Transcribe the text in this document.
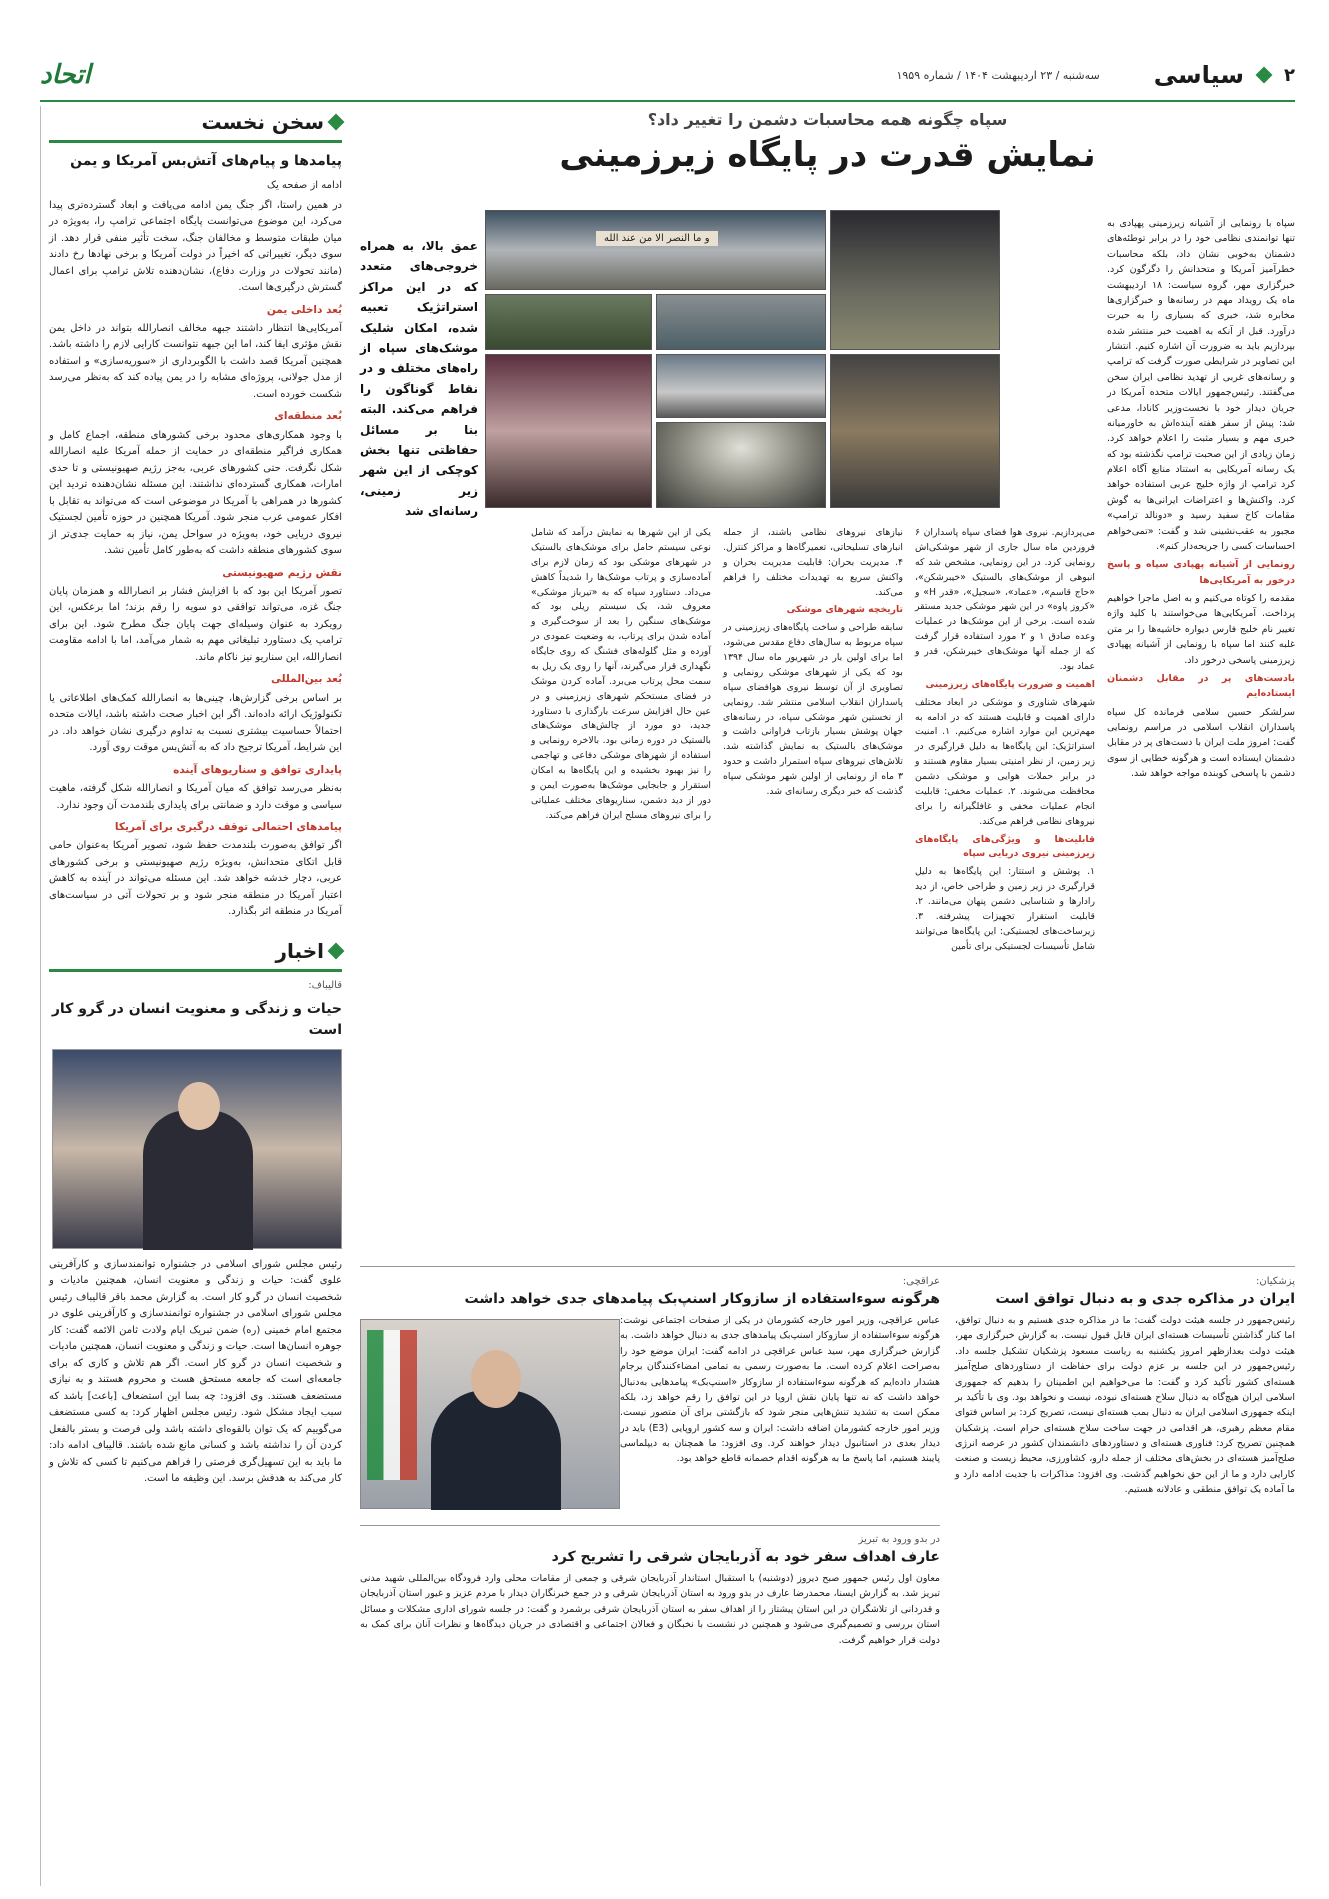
۲
سیاسی
سه‌شنبه / ۲۳ اردیبهشت ۱۴۰۴ / شماره ۱۹۵۹
اتحاد
سخن نخست
پیامدها و پیام‌های آتش‌بس آمریکا و یمن
ادامه از صفحه یک
در همین راستا، اگر جنگ یمن ادامه می‌یافت و ابعاد گسترده‌تری پیدا می‌کرد، این موضوع می‌توانست پایگاه اجتماعی ترامپ را، به‌ویژه در میان طبقات متوسط و مخالفان جنگ، سخت تأثیر منفی قرار دهد. از سوی دیگر، تغییراتی که اخیراً در دولت آمریکا و برخی نهادها رخ دادند (مانند تحولات در وزارت دفاع)، نشان‌دهنده تلاش ترامپ برای اعمال گسترش درگیری‌ها است.
بُعد داخلی یمن
آمریکایی‌ها انتظار داشتند جبهه مخالف انصارالله بتواند در داخل یمن نقش مؤثری ایفا کند، اما این جبهه نتوانست کارایی لازم را داشته باشد. همچنین آمریکا قصد داشت با الگوبرداری از «سوریه‌سازی» و استفاده از مدل جولانی، پروژه‌ای مشابه را در یمن پیاده کند که به‌نظر می‌رسد شکست خورده است.
بُعد منطقه‌ای
با وجود همکاری‌های محدود برخی کشورهای منطقه، اجماع کامل و همکاری فراگیر منطقه‌ای در حمایت از حمله آمریکا علیه انصارالله شکل نگرفت. حتی کشورهای عربی، به‌جز رژیم صهیونیستی و تا حدی امارات، همکاری گسترده‌ای نداشتند. این مسئله نشان‌دهنده تردید این کشورها در همراهی با آمریکا در موضوعی است که می‌تواند به تقابل با افکار عمومی عرب منجر شود. آمریکا همچنین در حوزه تأمین لجستیک نیروی دریایی خود، به‌ویژه در سواحل یمن، نیاز به حمایت جدی‌تر از سوی کشورهای منطقه داشت که به‌طور کامل تأمین نشد.
نقش رژیم صهیونیستی
تصور آمریکا این بود که با افزایش فشار بر انصارالله و همزمان پایان جنگ غزه، می‌تواند توافقی دو سویه را رقم بزند؛ اما برعکس، این رویکرد به عنوان وسیله‌ای جهت پایان جنگ مطرح شود. این برای ترامپ یک دستاورد تبلیغاتی مهم به شمار می‌آمد، اما با ادامه مقاومت انصارالله، این سناریو نیز ناکام ماند.
بُعد بین‌المللی
بر اساس برخی گزارش‌ها، چینی‌ها به انصارالله کمک‌های اطلاعاتی یا تکنولوژیک ارائه داده‌اند. اگر این اخبار صحت داشته باشد، ایالات متحده احتمالاً حساسیت بیشتری نسبت به تداوم درگیری نشان خواهد داد. در این شرایط، آمریکا ترجیح داد که به آتش‌بس موقت روی آورد.
پایداری توافق و سناریوهای آینده
به‌نظر می‌رسد توافق که میان آمریکا و انصارالله شکل گرفته، ماهیت سیاسی و موقت دارد و ضمانتی برای پایداری بلندمدت آن وجود ندارد.
پیامدهای احتمالی توقف درگیری برای آمریکا
اگر توافق به‌صورت بلندمدت حفظ شود، تصویر آمریکا به‌عنوان حامی قابل اتکای متحدانش، به‌ویژه رژیم صهیونیستی و برخی کشورهای عربی، دچار خدشه خواهد شد. این مسئله می‌تواند در آینده به کاهش اعتبار آمریکا در منطقه منجر شود و بر تحولات آتی در سیاست‌های آمریکا در منطقه اثر بگذارد.
اخبار
قالیباف:
حیات و زندگی و معنویت انسان در گرو کار است
رئیس مجلس شورای اسلامی در جشنواره توانمندسازی و کارآفرینی علوی گفت: حیات و زندگی و معنویت انسان، همچنین مادیات و شخصیت انسان در گرو کار است. به گزارش محمد باقر قالیباف رئیس مجلس شورای اسلامی در جشنواره توانمندسازی و کارآفرینی علوی در مجتمع امام خمینی (ره) ضمن تبریک ایام ولادت ثامن الائمه گفت: کار جوهره انسان‌ها است. حیات و زندگی و معنویت انسان، همچنین مادیات و شخصیت انسان در گرو کار است. اگر هم تلاش و کاری که برای جامعه‌ای است که جامعه مستحق هست و محروم هستند و به نیازی مستضعف هستند. وی افزود: چه بسا این استضعاف [باعث] باشد که سبب ایجاد مشکل شود. رئیس مجلس اظهار کرد: به کسی مستضعف می‌گوییم که یک توان بالقوه‌ای داشته باشد ولی فرصت و بستر بالفعل کردن آن را نداشته باشد و کسانی مانع شده باشند. قالیباف ادامه داد: ما باید به این تسهیل‌گری فرصتی را فراهم می‌کنیم تا کسی که تلاش و کار می‌کند به هدفش برسد. این وظیفه ما است.
سپاه چگونه همه محاسبات دشمن را تغییر داد؟
نمایش قدرت در پایگاه زیرزمینی
عمق بالا، به همراه خروجی‌های متعدد که در این مراکز استراتژیک تعبیه شده، امکان شلیک موشک‌های سپاه از راه‌های مختلف و در نقاط گوناگون را فراهم می‌کند. البته بنا بر مسائل حفاظتی تنها بخش کوچکی از این شهر زیر زمینی، رسانه‌ای شد
و ما النصر الا من عند الله
سپاه با رونمایی از آشیانه زیرزمینی پهپادی به تنها توانمندی نظامی خود را در برابر توطئه‌های دشمنان به‌خوبی نشان داد، بلکه محاسبات خطرآمیز آمریکا و متحدانش را دگرگون کرد. خبرگزاری مهر، گروه سیاست: ۱۸ اردیبهشت ماه یک رویداد مهم در رسانه‌ها و خبرگزاری‌ها مخابره شد، خبری که بسیاری را به حیرت درآورد. قبل از آنکه به اهمیت خبر منتشر شده بپردازیم باید به ضرورت آن اشاره کنیم. انتشار این تصاویر در شرایطی صورت گرفت که ترامپ و رسانه‌های غربی از تهدید نظامی ایران سخن می‌گفتند. رئیس‌جمهور ایالات متحده آمریکا در جریان دیدار خود با نخست‌وزیر کانادا، مدعی شد: پیش از سفر هفته آینده‌اش به خاورمیانه خبری مهم و بسیار مثبت را اعلام خواهد کرد. زمان زیادی از این صحبت ترامپ نگذشته بود که یک رسانه آمریکایی به استناد منابع آگاه اعلام کرد ترامپ از واژه خلیج عربی استفاده خواهد کرد. واکنش‌ها و اعتراضات ایرانی‌ها به گوش مقامات کاخ سفید رسید و «دونالد ترامپ» مجبور به عقب‌نشینی شد و گفت: «تمی‌خواهم احساسات کسی را جریحه‌دار کنم».
رونمایی از آشیانه پهپادی سپاه و پاسخ درخور به آمریکایی‌ها
مقدمه را کوتاه می‌کنیم و به اصل ماجرا خواهیم پرداخت. آمریکایی‌ها می‌خواستند با کلید واژه تغییر نام خلیج فارس دیواره حاشیه‌ها را بر متن غلبه کنند اما سپاه با رونمایی از آشیانه پهپادی زیرزمینی پاسخی درخور داد.
بادست‌های پر در مقابل دشمنان ایستاده‌ایم
سرلشکر حسین سلامی فرمانده کل سپاه پاسداران انقلاب اسلامی در مراسم رونمایی گفت: امروز ملت ایران با دست‌های پر در مقابل دشمنان ایستاده است و هرگونه خطایی از سوی دشمن با پاسخی کوبنده مواجه خواهد شد.
می‌پردازیم. نیروی هوا فضای سپاه پاسداران ۶ فروردین ماه سال جاری از شهر موشکی‌اش رونمایی کرد. در این رونمایی، مشخص شد که انبوهی از موشک‌های بالستیک «خیبرشکن»، «حاج قاسم»، «عماد»، «سجیل»، «قدر H» و «کروز پاوه» در این شهر موشکی جدید مستقر شده است. برخی از این موشک‌ها در عملیات وعده صادق ۱ و ۲ مورد استفاده قرار گرفت که از جمله آنها موشک‌های خیبرشکن، قدر و عماد بود.
اهمیت و ضرورت پایگاه‌های زیرزمینی
شهرهای شناوری و موشکی در ابعاد مختلف دارای اهمیت و قابلیت هستند که در ادامه به مهم‌ترین این موارد اشاره می‌کنیم. ۱. امنیت استراتژیک: این پایگاه‌ها به دلیل قرارگیری در زیر زمین، از نظر امنیتی بسیار مقاوم هستند و در برابر حملات هوایی و موشکی دشمن محافظت می‌شوند. ۲. عملیات مخفی: قابلیت انجام عملیات مخفی و غافلگیرانه را برای نیروهای نظامی فراهم می‌کند.
قابلیت‌ها و ویژگی‌های پایگاه‌های زیرزمینی نیروی دریایی سپاه
۱. پوشش و استتار: این پایگاه‌ها به دلیل قرارگیری در زیر زمین و طراحی خاص، از دید رادارها و شناسایی دشمن پنهان می‌مانند. ۲. قابلیت استقرار تجهیزات پیشرفته. ۳. زیرساخت‌های لجستیکی: این پایگاه‌ها می‌توانند شامل تأسیسات لجستیکی برای تأمین
نیازهای نیروهای نظامی باشند، از جمله انبارهای تسلیحاتی، تعمیرگاه‌ها و مراکز کنترل. ۴. مدیریت بحران: قابلیت مدیریت بحران و واکنش سریع به تهدیدات مختلف را فراهم می‌کند.
تاریخچه شهرهای موشکی
سابقه طراحی و ساخت پایگاه‌های زیرزمینی در سپاه مربوط به سال‌های دفاع مقدس می‌شود، اما برای اولین بار در شهریور ماه سال ۱۳۹۴ بود که یکی از شهرهای موشکی رونمایی و تصاویری از آن توسط نیروی هوافضای سپاه پاسداران انقلاب اسلامی منتشر شد. رونمایی از نخستین شهر موشکی سپاه، در رسانه‌های جهان پوشش بسیار بازتاب فراوانی داشت و موشک‌های بالستیک به نمایش گذاشته شد. تلاش‌های نیروهای سپاه استمرار داشت و حدود ۳ ماه از رونمایی از اولین شهر موشکی سپاه گذشت که خبر دیگری رسانه‌ای شد.
یکی از این شهرها به نمایش درآمد که شامل نوعی سیستم حامل برای موشک‌های بالستیک در شهرهای موشکی بود که زمان لازم برای آماده‌سازی و پرتاب موشک‌ها را شدیداً کاهش می‌داد. دستاورد سپاه که به «تیرباز موشکی» معروف شد، یک سیستم ریلی بود که موشک‌های سنگین را بعد از سوخت‌گیری و آماده شدن برای پرتاب، به وضعیت عمودی در آورده و مثل گلوله‌های فشنگ که روی جایگاه نگهداری قرار می‌گیرند، آنها را روی یک ریل به سمت محل پرتاب می‌برد. آماده کردن موشک در فضای مستحکم شهرهای زیرزمینی و در عین حال افزایش سرعت بارگذاری با دستاورد جدید، دو مورد از چالش‌های موشک‌های بالستیک در دوره زمانی بود. بالاخره رونمایی و استفاده از شهرهای موشکی دفاعی و تهاجمی را نیز بهبود بخشیده و این پایگاه‌ها به امکان استقرار و جابجایی موشک‌ها به‌صورت ایمن و دور از دید دشمن، سناریوهای مختلف عملیاتی را برای نیروهای مسلح ایران فراهم می‌کند.
پزشکیان:
ایران در مذاکره جدی و به دنبال توافق است
رئیس‌جمهور در جلسه هیئت دولت گفت: ما در مذاکره جدی هستیم و به دنبال توافق، اما کنار گذاشتن تأسیسات هسته‌ای ایران قابل قبول نیست. به گزارش خبرگزاری مهر، هیئت دولت بعدازظهر امروز یکشنبه به ریاست مسعود پزشکیان تشکیل جلسه داد. رئیس‌جمهور در این جلسه بر عزم دولت برای حفاظت از دستاوردهای صلح‌آمیز هسته‌ای کشور تأکید کرد و گفت: ما می‌خواهیم این اطمینان را بدهیم که جمهوری اسلامی ایران هیچ‌گاه به دنبال سلاح هسته‌ای نبوده، نیست و نخواهد بود. وی با تأکید بر اینکه جمهوری اسلامی ایران به دنبال بمب هسته‌ای نیست، تصریح کرد: بر اساس فتوای مقام معظم رهبری، هر اقدامی در جهت ساخت سلاح هسته‌ای حرام است. پزشکیان همچنین تصریح کرد: فناوری هسته‌ای و دستاوردهای دانشمندان کشور در عرصه انرژی صلح‌آمیز هسته‌ای در بخش‌های مختلف از جمله دارو، کشاورزی، محیط زیست و صنعت کارایی دارد و ما از این حق نخواهیم گذشت. وی افزود: مذاکرات با جدیت ادامه دارد و ما آماده یک توافق منطقی و عادلانه هستیم.
عراقچی:
هرگونه سوءاستفاده از سازوکار اسنپ‌بک پیامدهای جدی خواهد داشت
عباس عراقچی، وزیر امور خارجه کشورمان در یکی از صفحات اجتماعی نوشت: هرگونه سوءاستفاده از سازوکار اسنپ‌بک پیامدهای جدی به دنبال خواهد داشت. به گزارش خبرگزاری مهر، سید عباس عراقچی در ادامه گفت: ایران موضع خود را به‌صراحت اعلام کرده است. ما به‌صورت رسمی به تمامی امضاءکنندگان برجام هشدار داده‌ایم که هرگونه سوءاستفاده از سازوکار «اسنپ‌بک» پیامدهایی به‌دنبال خواهد داشت که نه تنها پایان نقش اروپا در این توافق را رقم خواهد زد، بلکه ممکن است به تشدید تنش‌هایی منجر شود که بازگشتی برای آن متصور نیست. وزیر امور خارجه کشورمان اضافه داشت: ایران و سه کشور اروپایی (E3) باید در دیدار بعدی در استانبول دیدار خواهند کرد. وی افزود: ما همچنان به دیپلماسی پایبند هستیم، اما پاسخ ما به هرگونه اقدام خصمانه قاطع خواهد بود.
در بدو ورود به تبریز
عارف اهداف سفر خود به آذربایجان شرقی را تشریح کرد
معاون اول رئیس جمهور صبح دیروز (دوشنبه) با استقبال استاندار آذربایجان شرقی و جمعی از مقامات محلی وارد فرودگاه بین‌المللی شهید مدنی تبریز شد. به گزارش ایسنا، محمدرضا عارف در بدو ورود به استان آذربایجان شرقی و در جمع خبرنگاران دیدار با مردم عزیز و غیور استان آذربایجان و قدردانی از تلاشگران در این استان پیشتاز را از اهداف سفر به استان آذربایجان شرقی برشمرد و گفت: در جلسه شورای اداری مشکلات و مسائل استان بررسی و تصمیم‌گیری می‌شود و همچنین در نشست با نخبگان و فعالان اجتماعی و اقتصادی در جریان دیدگاه‌ها و نظرات آنان برای کمک به دولت قرار خواهیم گرفت.
